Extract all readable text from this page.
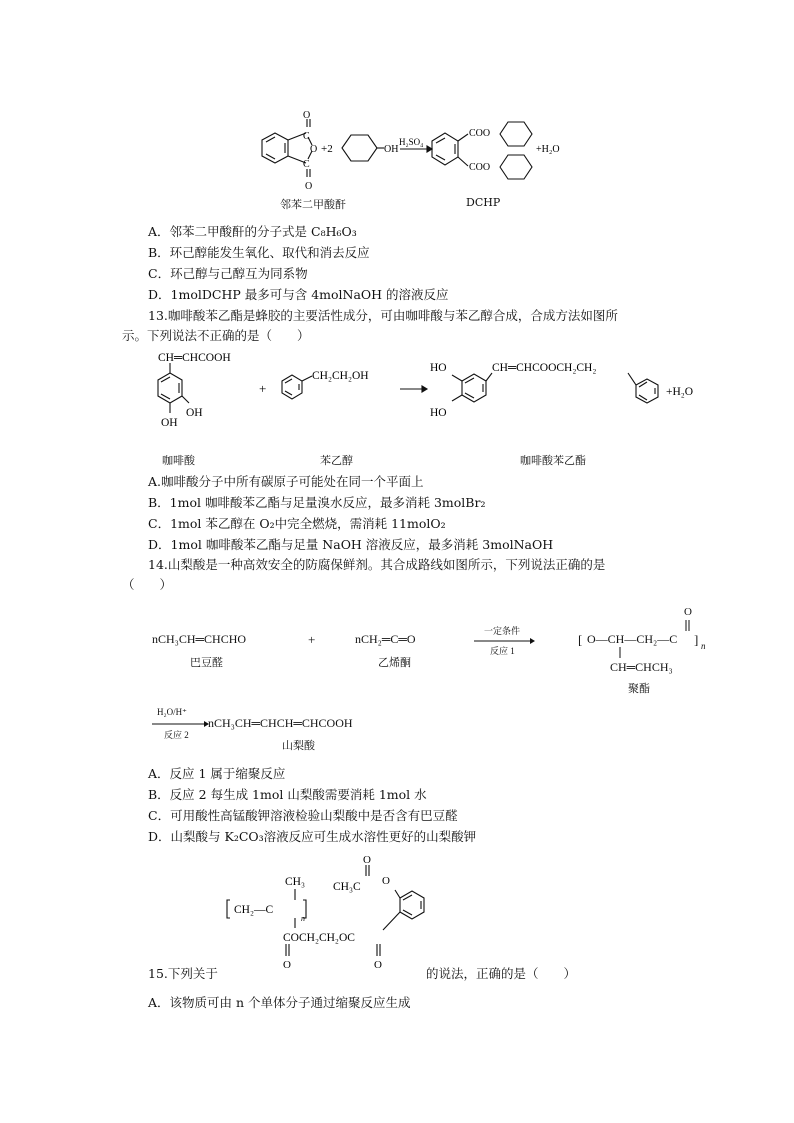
O
C
O
C
O
+2	OH
H₂SO₄
COO
COO
+H₂O
邻苯二甲酸酐	DCHP
A．邻苯二甲酸酐的分子式是 C₈H₆O₃
B．环己醇能发生氧化、取代和消去反应
C．环己醇与己醇互为同系物
D．1molDCHP 最多可与含 4molNaOH 的溶液反应
13.咖啡酸苯乙酯是蜂胶的主要活性成分，可由咖啡酸与苯乙醇合成，合成方法如图所
示。下列说法不正确的是（　　）
CH═CHCOOH
OH
OH
+
CH₂CH₂OH
HO
HO
CH═CHCOOCH₂CH₂
+H₂O
咖啡酸	苯乙醇	咖啡酸苯乙酯
A.咖啡酸分子中所有碳原子可能处在同一个平面上
B．1mol 咖啡酸苯乙酯与足量溴水反应，最多消耗 3molBr₂
C．1mol 苯乙醇在 O₂中完全燃烧，需消耗 11molO₂
D．1mol 咖啡酸苯乙酯与足量 NaOH 溶液反应，最多消耗 3molNaOH
14.山梨酸是一种高效安全的防腐保鲜剂。其合成路线如图所示，下列说法正确的是
（　　）
nCH₃CH═CHCHO	+	nCH₂═C═O
一定条件
反应 1
O
[ O—CH—CH₂—C ] n
CH═CHCH₃
巴豆醛	乙烯酮
聚酯
H₂O/H⁺
反应 2
nCH₃CH═CHCH═CHCOOH
山梨酸
A．反应 1 属于缩聚反应
B．反应 2 每生成 1mol 山梨酸需要消耗 1mol 水
C．可用酸性高锰酸钾溶液检验山梨酸中是否含有巴豆醛
D．山梨酸与 K₂CO₃溶液反应可生成水溶性更好的山梨酸钾
CH₃ CH₃C
O
O
CH₂—C
n
COCH₂CH₂OC
O	O
15.下列关于	的说法，正确的是（　　）
A．该物质可由 n 个单体分子通过缩聚反应生成
